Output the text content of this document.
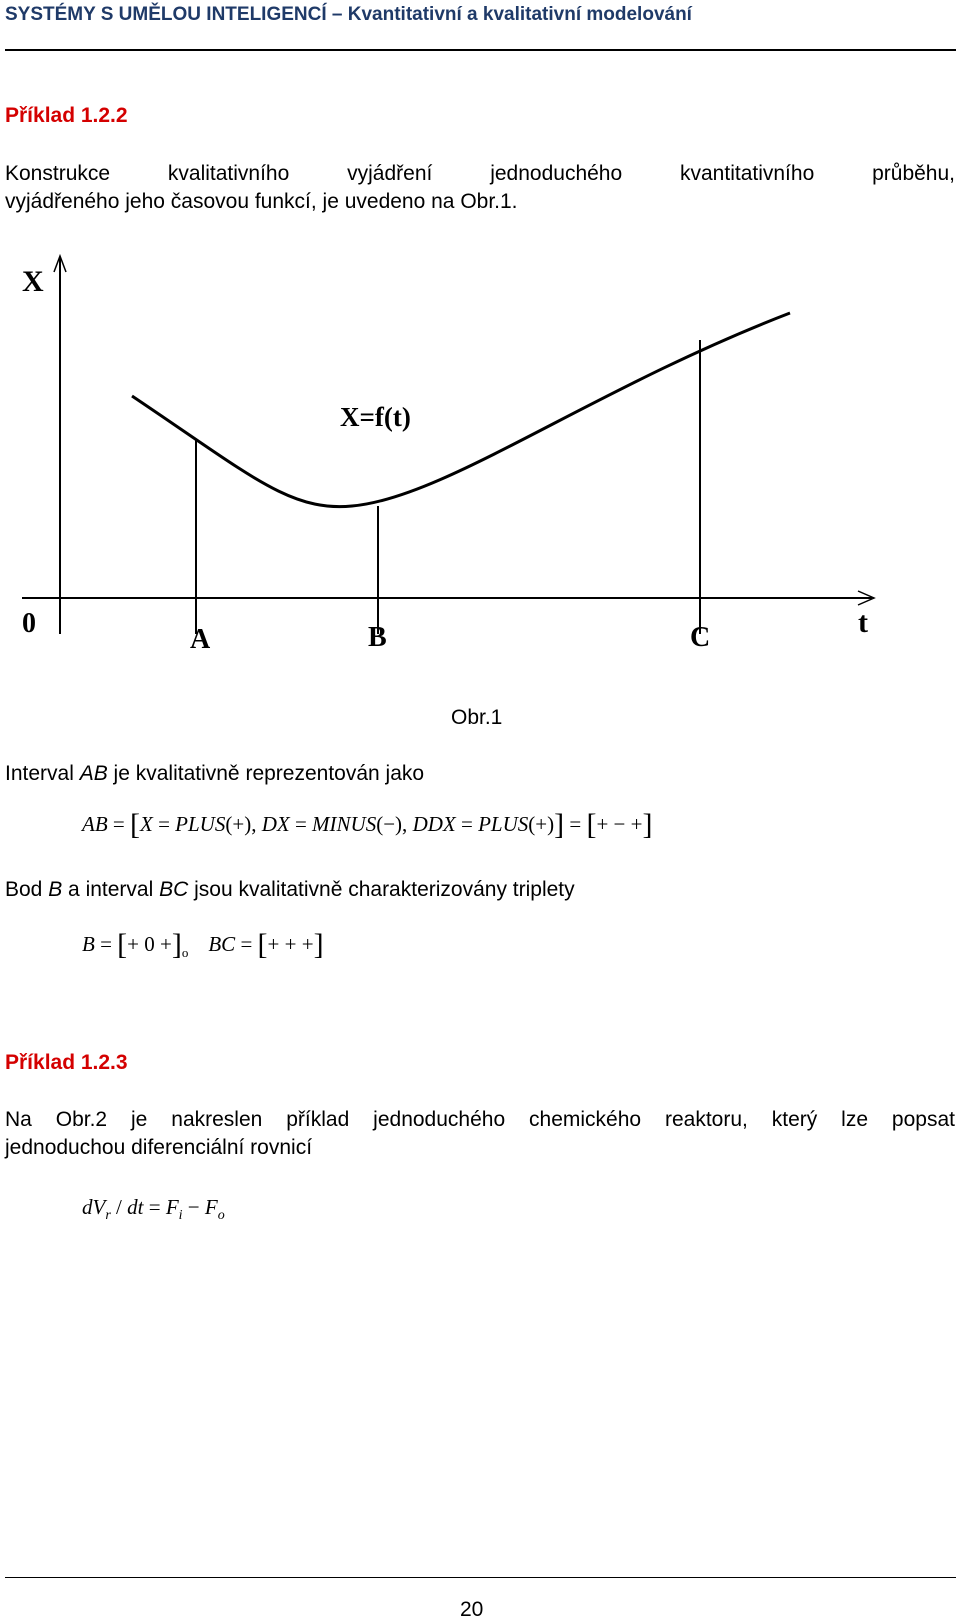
SYSTÉMY S UMĚLOU INTELIGENCÍ – Kvantitativní a kvalitativní modelování
Příklad 1.2.2
Konstrukce kvalitativního vyjádření jednoduchého kvantitativního průběhu,
vyjádřeného jeho časovou funkcí, je uvedeno na Obr.1.
X
t
0
X=f(t)
A	B	C
Obr.1
Interval AB je kvalitativně reprezentován jako
AB = [X = PLUS(+), DX = MINUS(−), DDX = PLUS(+)] = [+ − +]
Bod B a interval BC jsou kvalitativně charakterizovány triplety
B = [+ $0 +]_o$ BC = [+ + +]
Příklad 1.2.3
Na Obr.2 je nakreslen příklad jednoduchého chemického reaktoru, který lze popsat
jednoduchou diferenciální rovnicí
$dV_r$ / dt = $F_i - F_o$
20
